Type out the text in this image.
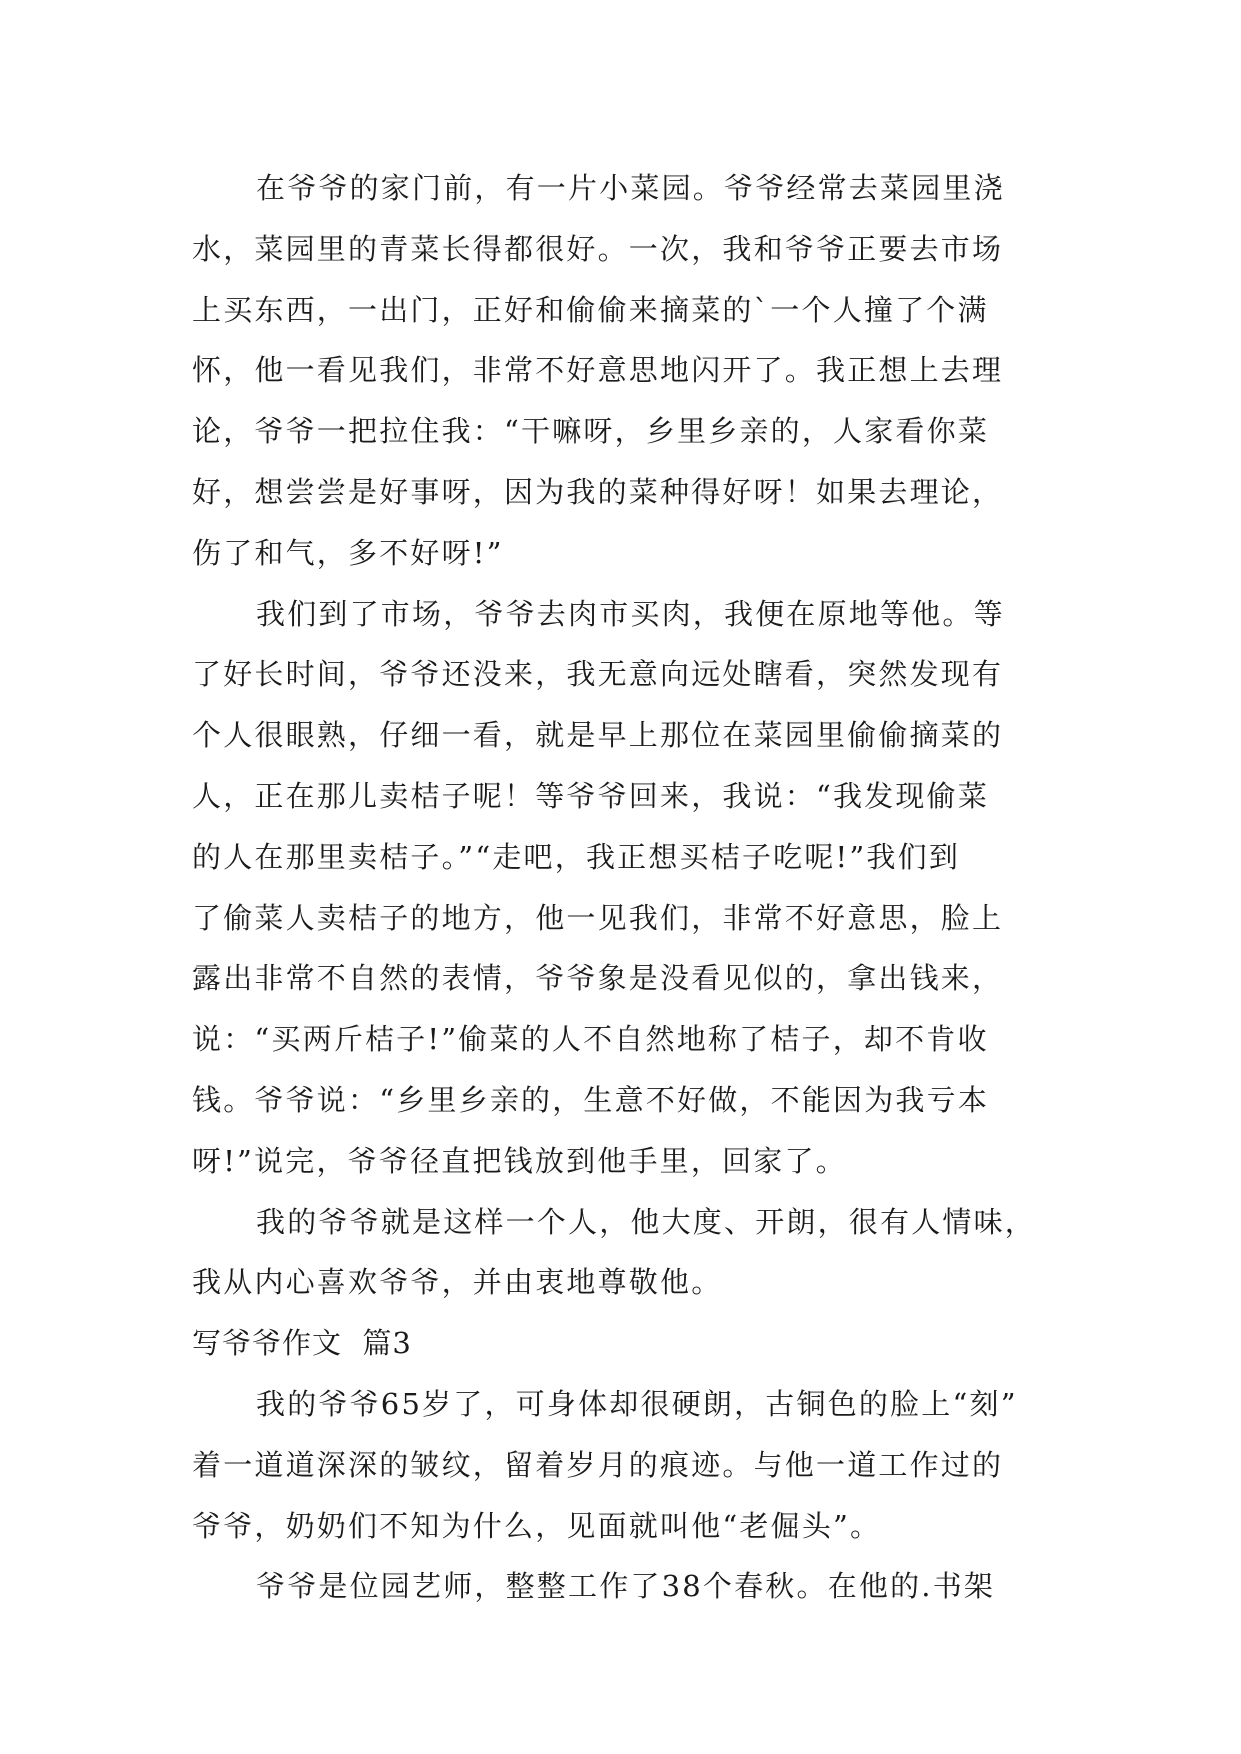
在爷爷的家门前，有一片小菜园。爷爷经常去菜园里浇
水，菜园里的青菜长得都很好。一次，我和爷爷正要去市场
上买东西，一出门，正好和偷偷来摘菜的`一个人撞了个满
怀，他一看见我们，非常不好意思地闪开了。我正想上去理
论，爷爷一把拉住我：“干嘛呀，乡里乡亲的，人家看你菜
好，想尝尝是好事呀，因为我的菜种得好呀！如果去理论，
伤了和气，多不好呀!”
我们到了市场，爷爷去肉市买肉，我便在原地等他。等
了好长时间，爷爷还没来，我无意向远处瞎看，突然发现有
个人很眼熟，仔细一看，就是早上那位在菜园里偷偷摘菜的
人，正在那儿卖桔子呢！等爷爷回来，我说：“我发现偷菜
的人在那里卖桔子。”“走吧，我正想买桔子吃呢!”我们到
了偷菜人卖桔子的地方，他一见我们，非常不好意思，脸上
露出非常不自然的表情，爷爷象是没看见似的，拿出钱来，
说：“买两斤桔子!”偷菜的人不自然地称了桔子，却不肯收
钱。爷爷说：“乡里乡亲的，生意不好做，不能因为我亏本
呀!”说完，爷爷径直把钱放到他手里，回家了。
我的爷爷就是这样一个人，他大度、开朗，很有人情味，
我从内心喜欢爷爷，并由衷地尊敬他。
写爷爷作文  篇3
我的爷爷65岁了，可身体却很硬朗，古铜色的脸上“刻”
着一道道深深的皱纹，留着岁月的痕迹。与他一道工作过的
爷爷，奶奶们不知为什么，见面就叫他“老倔头”。
爷爷是位园艺师，整整工作了38个春秋。在他的.书架
